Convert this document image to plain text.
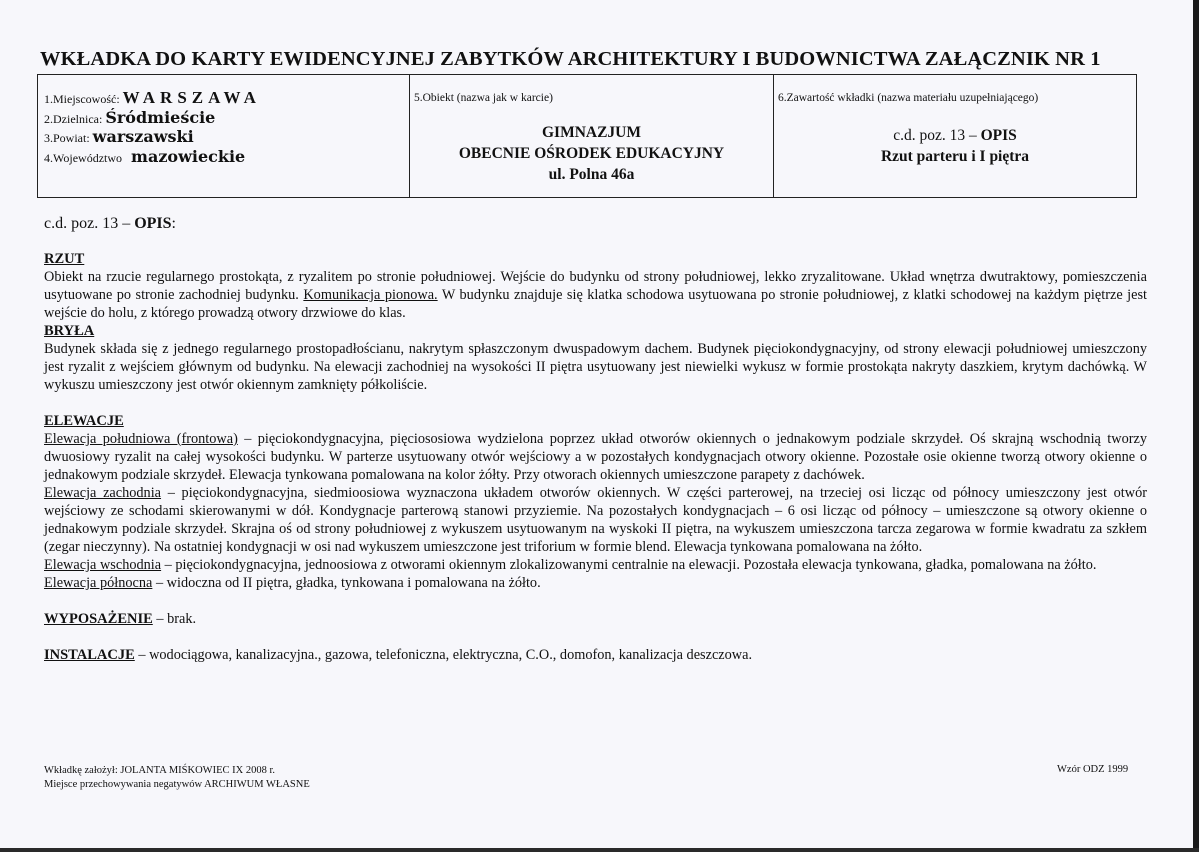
WKŁADKA DO KARTY EWIDENCYJNEJ ZABYTKÓW ARCHITEKTURY I BUDOWNICTWA ZAŁĄCZNIK NR 1
1.Miejscowość: WARSZAWA
2.Dzielnica: Śródmieście
3.Powiat: warszawski
4.Województwo mazowieckie
5.Obiekt (nazwa jak w karcie)
GIMNAZJUM
OBECNIE OŚRODEK EDUKACYJNY
ul. Polna 46a
6.Zawartość wkładki (nazwa materiału uzupełniającego)
c.d. poz. 13 – OPIS
Rzut parteru i I piętra
c.d. poz. 13 – OPIS:
RZUT

Obiekt na rzucie regularnego prostokąta, z ryzalitem po stronie południowej. Wejście do budynku od strony południowej, lekko zryzalitowane. Układ wnętrza dwutraktowy, pomieszczenia usytuowane po stronie zachodniej budynku. Komunikacja pionowa. W budynku znajduje się klatka schodowa usytuowana po stronie południowej, z klatki schodowej na każdym piętrze jest wejście do holu, z którego prowadzą otwory drzwiowe do klas.

BRYŁA

Budynek składa się z jednego regularnego prostopadłościanu, nakrytym spłaszczonym dwuspadowym dachem. Budynek pięciokondygnacyjny, od strony elewacji południowej umieszczony jest ryzalit z wejściem głównym od budynku. Na elewacji zachodniej na wysokości II piętra usytuowany jest niewielki wykusz w formie prostokąta nakryty daszkiem, krytym dachówką. W wykuszu umieszczony jest otwór okiennym zamknięty półkoliście.

ELEWACJE

Elewacja południowa (frontowa) – pięciokondygnacyjna, pięciososiowa wydzielona poprzez układ otworów okiennych o jednakowym podziale skrzydeł. Oś skrajną wschodnią tworzy dwuosiowy ryzalit na całej wysokości budynku. W parterze usytuowany otwór wejściowy a w pozostałych kondygnacjach otwory okienne. Pozostałe osie okienne tworzą otwory okienne o jednakowym podziale skrzydeł. Elewacja tynkowana pomalowana na kolor żółty. Przy otworach okiennych umieszczone parapety z dachówek.

Elewacja zachodnia – pięciokondygnacyjna, siedmioosiowa wyznaczona układem otworów okiennych. W części parterowej, na trzeciej osi licząc od północy umieszczony jest otwór wejściowy ze schodami skierowanymi w dół. Kondygnacje parterową stanowi przyziemie. Na pozostałych kondygnacjach – 6 osi licząc od północy – umieszczone są otwory okienne o jednakowym podziale skrzydeł. Skrajna oś od strony południowej z wykuszem usytuowanym na wyskoki II piętra, na wykuszem umieszczona tarcza zegarowa w formie kwadratu za szkłem (zegar nieczynny). Na ostatniej kondygnacji w osi nad wykuszem umieszczone jest triforium w formie blend. Elewacja tynkowana pomalowana na żółto.

Elewacja wschodnia – pięciokondygnacyjna, jednoosiowa z otworami okiennym zlokalizowanymi centralnie na elewacji. Pozostała elewacja tynkowana, gładka, pomalowana na żółto.

Elewacja północna – widoczna od II piętra, gładka, tynkowana i pomalowana na żółto.

WYPOSAŻENIE – brak.

INSTALACJE – wodociągowa, kanalizacyjna., gazowa, telefoniczna, elektryczna, C.O., domofon, kanalizacja deszczowa.

Wkładkę założył: JOLANTA MIŚKOWIEC IX 2008 r.
Miejsce przechowywania negatywów ARCHIWUM WŁASNE
Wzór ODZ 1999
